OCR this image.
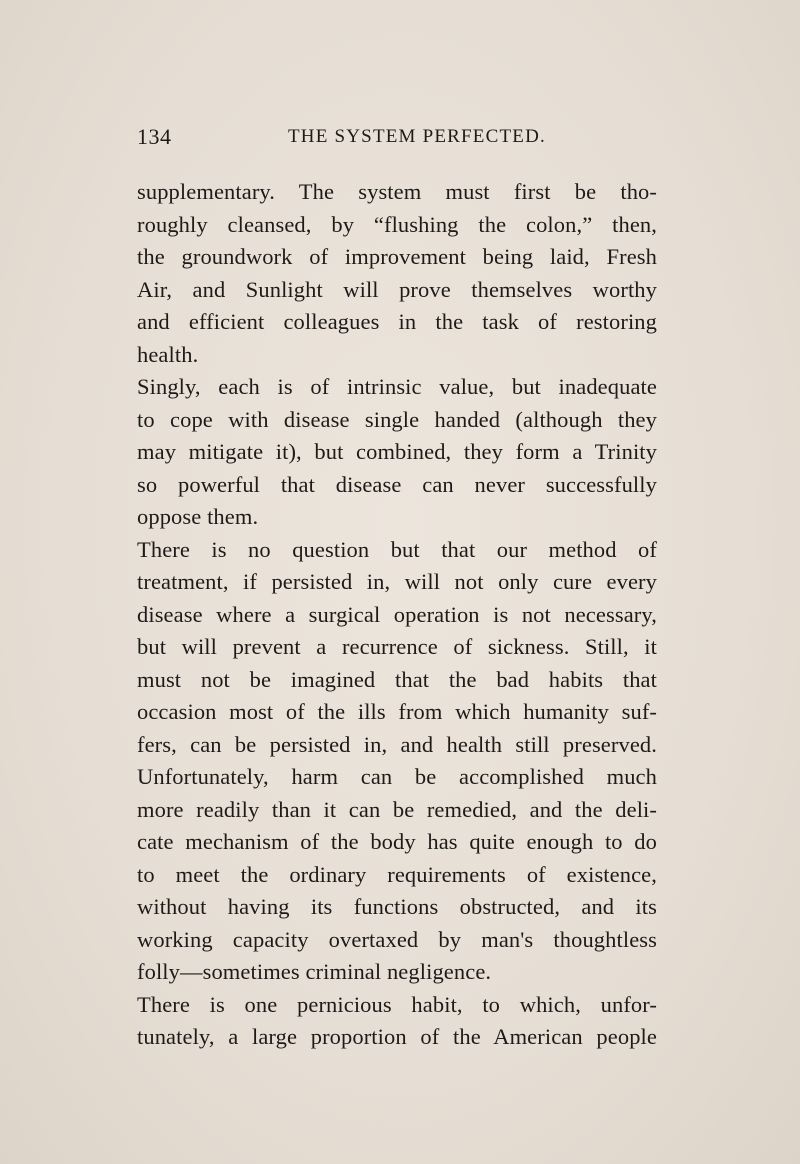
134	THE SYSTEM PERFECTED.
supplementary. The system must first be tho-
roughly cleansed, by “flushing the colon,” then,
the groundwork of improvement being laid, Fresh
Air, and Sunlight will prove themselves worthy
and efficient colleagues in the task of restoring
health.
Singly, each is of intrinsic value, but inadequate
to cope with disease single handed (although they
may mitigate it), but combined, they form a Trinity
so powerful that disease can never successfully
oppose them.
There is no question but that our method of
treatment, if persisted in, will not only cure every
disease where a surgical operation is not necessary,
but will prevent a recurrence of sickness. Still, it
must not be imagined that the bad habits that
occasion most of the ills from which humanity suf-
fers, can be persisted in, and health still preserved.
Unfortunately, harm can be accomplished much
more readily than it can be remedied, and the deli-
cate mechanism of the body has quite enough to do
to meet the ordinary requirements of existence,
without having its functions obstructed, and its
working capacity overtaxed by man's thoughtless
folly—sometimes criminal negligence.
There is one pernicious habit, to which, unfor-
tunately, a large proportion of the American people
